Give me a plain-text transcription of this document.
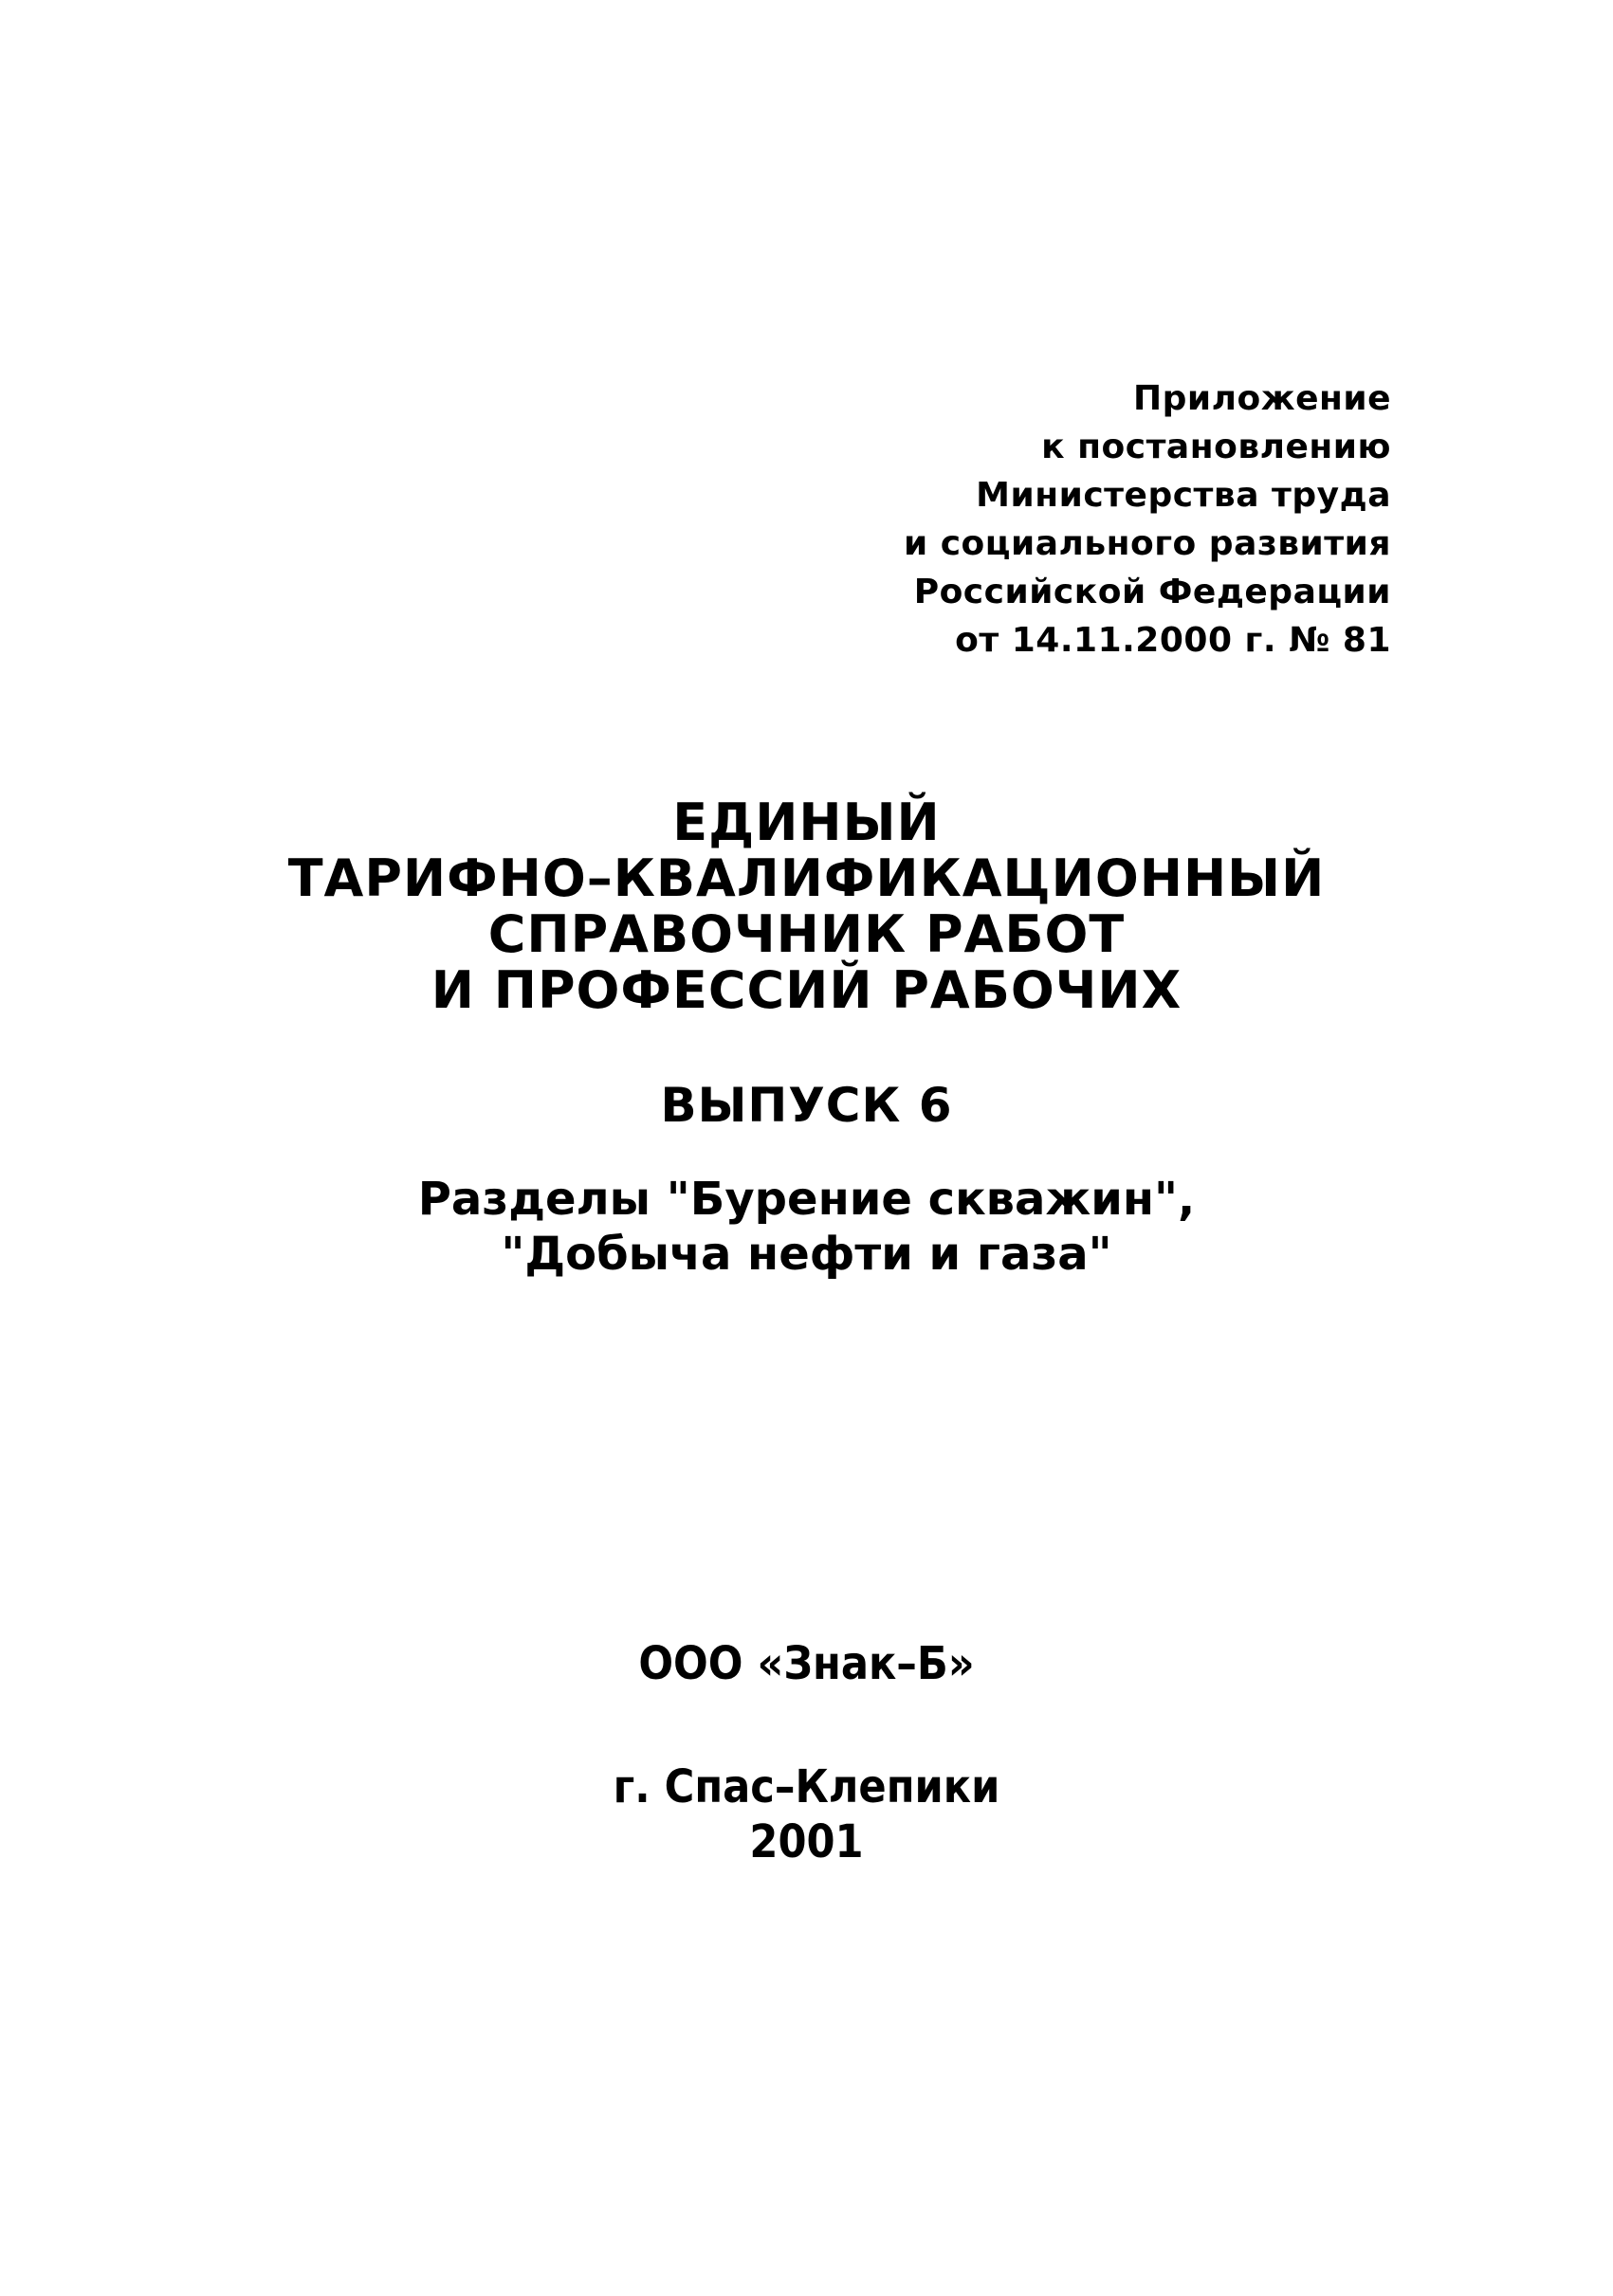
Приложение
к постановлению
Министерства труда
и социального развития
Российской Федерации
от 14.11.2000 г. № 81
ЕДИНЫЙ
ТАРИФНО–КВАЛИФИКАЦИОННЫЙ
СПРАВОЧНИК РАБОТ
И ПРОФЕССИЙ РАБОЧИХ
ВЫПУСК 6
Разделы "Бурение скважин",
"Добыча нефти и газа"
ООО «Знак–Б»
г. Спас–Клепики
2001
